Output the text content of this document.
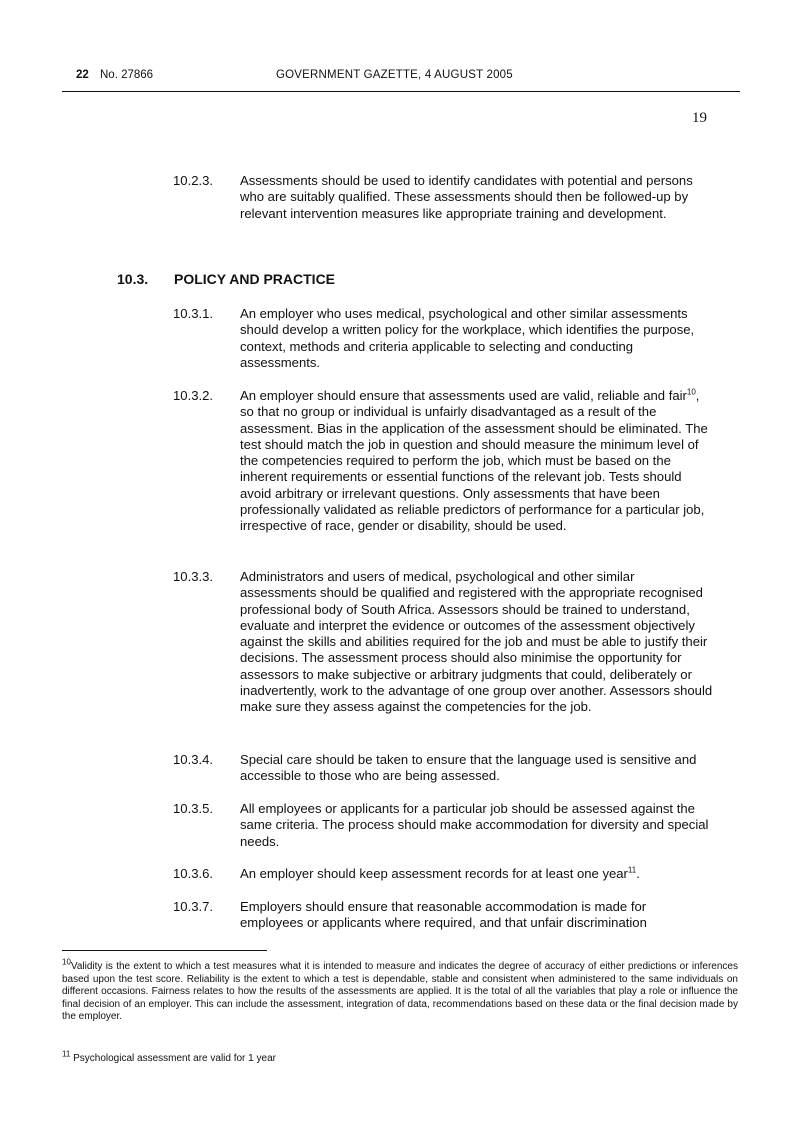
22 No. 27866	GOVERNMENT GAZETTE, 4 AUGUST 2005
19
10.2.3. Assessments should be used to identify candidates with potential and persons who are suitably qualified. These assessments should then be followed-up by relevant intervention measures like appropriate training and development.
10.3. POLICY AND PRACTICE
10.3.1. An employer who uses medical, psychological and other similar assessments should develop a written policy for the workplace, which identifies the purpose, context, methods and criteria applicable to selecting and conducting assessments.
10.3.2. An employer should ensure that assessments used are valid, reliable and fair$^{10}$, so that no group or individual is unfairly disadvantaged as a result of the assessment. Bias in the application of the assessment should be eliminated. The test should match the job in question and should measure the minimum level of the competencies required to perform the job, which must be based on the inherent requirements or essential functions of the relevant job. Tests should avoid arbitrary or irrelevant questions. Only assessments that have been professionally validated as reliable predictors of performance for a particular job, irrespective of race, gender or disability, should be used.
10.3.3. Administrators and users of medical, psychological and other similar assessments should be qualified and registered with the appropriate recognised professional body of South Africa. Assessors should be trained to understand, evaluate and interpret the evidence or outcomes of the assessment objectively against the skills and abilities required for the job and must be able to justify their decisions. The assessment process should also minimise the opportunity for assessors to make subjective or arbitrary judgments that could, deliberately or inadvertently, work to the advantage of one group over another. Assessors should make sure they assess against the competencies for the job.
10.3.4. Special care should be taken to ensure that the language used is sensitive and accessible to those who are being assessed.
10.3.5. All employees or applicants for a particular job should be assessed against the same criteria. The process should make accommodation for diversity and special needs.
10.3.6. An employer should keep assessment records for at least one year$^{11}$.
10.3.7. Employers should ensure that reasonable accommodation is made for employees or applicants where required, and that unfair discrimination
$^{10}$Validity is the extent to which a test measures what it is intended to measure and indicates the degree of accuracy of either predictions or inferences based upon the test score. Reliability is the extent to which a test is dependable, stable and consistent when administered to the same individuals on different occasions. Fairness relates to how the results of the assessments are applied. It is the total of all the variables that play a role or influence the final decision of an employer. This can include the assessment, integration of data, recommendations based on these data or the final decision made by the employer.
$^{11}$ Psychological assessment are valid for 1 year
